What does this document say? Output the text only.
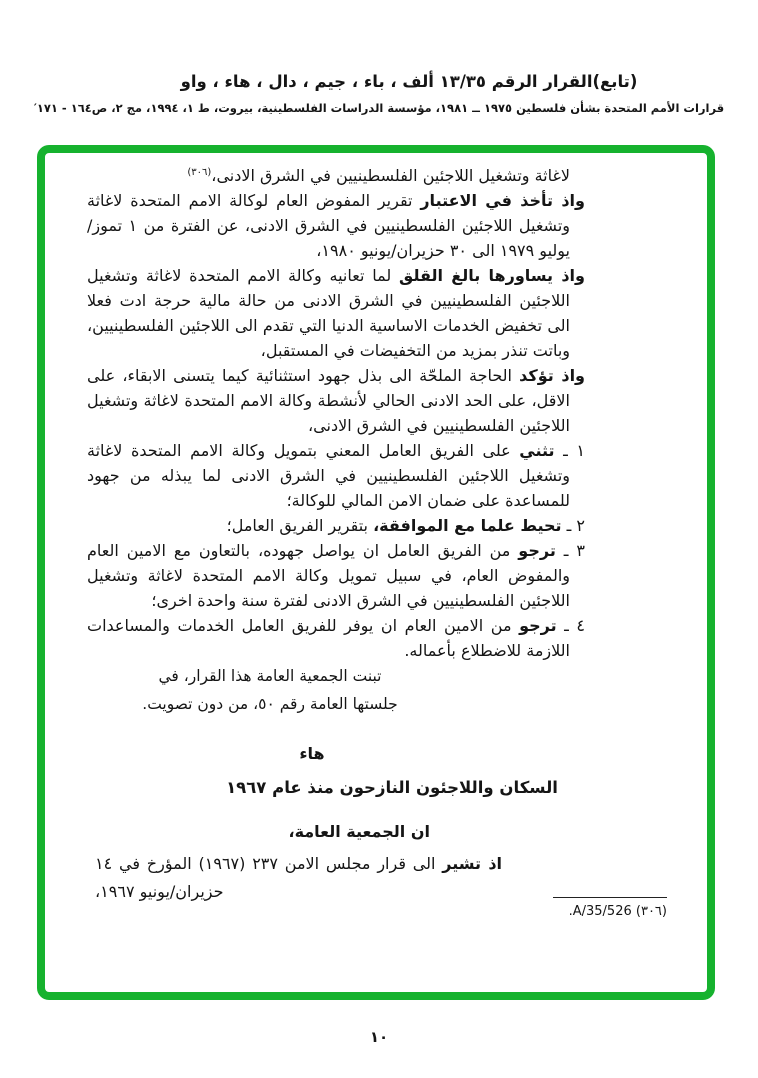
(تابع)القرار الرقم ١٣/٣٥ ألف ، باء ، جيم ، دال ، هاء ، واو
قرارات الأمم المتحدة بشأن فلسطين ١٩٧٥ ــ ١٩٨١، مؤسسة الدراسات الفلسطينية، بيروت، ط ١، ١٩٩٤، مج ٢، ص١٦٤ - ١٧١′

لاغاثة وتشغيل اللاجئين الفلسطينيين في الشرق الادنى،$^{(٣٠٦)}$

واذ تأخذ في الاعتبار تقرير المفوض العام لوكالة الامم المتحدة لاغاثة وتشغيل اللاجئين الفلسطينيين في الشرق الادنى، عن الفترة من ١ تموز/يوليو ١٩٧٩ الى ٣٠ حزيران/يونيو ١٩٨٠،

واذ يساورها بالغ القلق لما تعانيه وكالة الامم المتحدة لاغاثة وتشغيل اللاجئين الفلسطينيين في الشرق الادنى من حالة مالية حرجة ادت فعلا الى تخفيض الخدمات الاساسية الدنيا التي تقدم الى اللاجئين الفلسطينيين، وباتت تنذر بمزيد من التخفيضات في المستقبل،

واذ تؤكد الحاجة الملحّة الى بذل جهود استثنائية كيما يتسنى الابقاء، على الاقل، على الحد الادنى الحالي لأنشطة وكالة الامم المتحدة لاغاثة وتشغيل اللاجئين الفلسطينيين في الشرق الادنى،

١ ـ تثني على الفريق العامل المعني بتمويل وكالة الامم المتحدة لاغاثة وتشغيل اللاجئين الفلسطينيين في الشرق الادنى لما يبذله من جهود للمساعدة على ضمان الامن المالي للوكالة؛

٢ ـ تحيط علما مع الموافقة، بتقرير الفريق العامل؛

٣ ـ ترجو من الفريق العامل ان يواصل جهوده، بالتعاون مع الامين العام والمفوض العام، في سبيل تمويل وكالة الامم المتحدة لاغاثة وتشغيل اللاجئين الفلسطينيين في الشرق الادنى لفترة سنة واحدة اخرى؛

٤ ـ ترجو من الامين العام ان يوفر للفريق العامل الخدمات والمساعدات اللازمة للاضطلاع بأعماله.

تبنت الجمعية العامة هذا القرار، في جلستها العامة رقم ٥٠، من دون تصويت.
هاء
السكان واللاجئون النازحون منذ عام ١٩٦٧
ان الجمعية العامة،
اذ تشير الى قرار مجلس الامن ٢٣٧ (١٩٦٧) المؤرخ في ١٤ حزيران/يونيو ١٩٦٧،
(٣٠٦) A/35/526.
١٠
